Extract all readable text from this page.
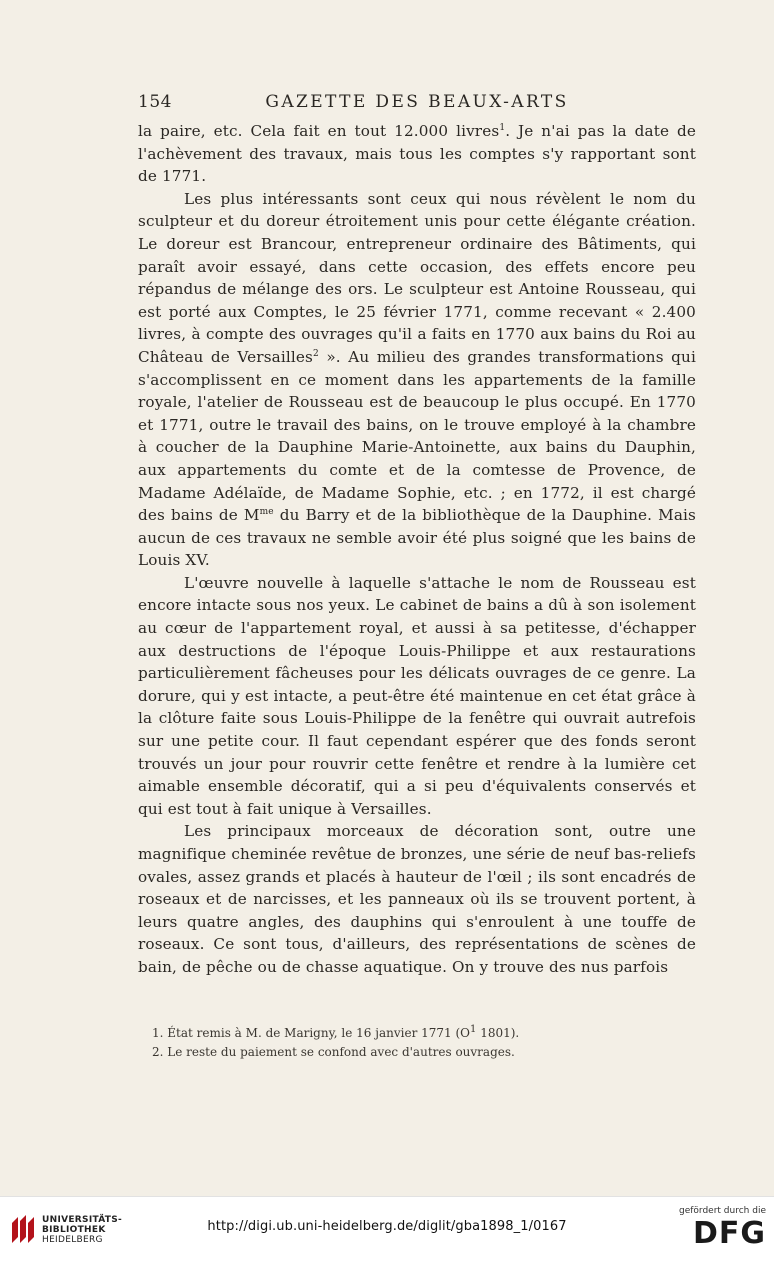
154	GAZETTE DES BEAUX-ARTS

la paire, etc. Cela fait en tout 12.000 livres$^1$. Je n'ai pas la date de l'achèvement des travaux, mais tous les comptes s'y rapportant sont de 1771.

Les plus intéressants sont ceux qui nous révèlent le nom du sculpteur et du doreur étroitement unis pour cette élégante création. Le doreur est Brancour, entrepreneur ordinaire des Bâtiments, qui paraît avoir essayé, dans cette occasion, des effets encore peu répandus de mélange des ors. Le sculpteur est Antoine Rousseau, qui est porté aux Comptes, le 25 février 1771, comme recevant « 2.400 livres, à compte des ouvrages qu'il a faits en 1770 aux bains du Roi au Château de Versailles$^2$ ». Au milieu des grandes transformations qui s'accomplissent en ce moment dans les appartements de la famille royale, l'atelier de Rousseau est de beaucoup le plus occupé. En 1770 et 1771, outre le travail des bains, on le trouve employé à la chambre à coucher de la Dauphine Marie-Antoinette, aux bains du Dauphin, aux appartements du comte et de la comtesse de Provence, de Madame Adélaïde, de Madame Sophie, etc. ; en 1772, il est chargé des bains de $M^{me}$ du Barry et de la bibliothèque de la Dauphine. Mais aucun de ces travaux ne semble avoir été plus soigné que les bains de Louis XV.

L'œuvre nouvelle à laquelle s'attache le nom de Rousseau est encore intacte sous nos yeux. Le cabinet de bains a dû à son isolement au cœur de l'appartement royal, et aussi à sa petitesse, d'échapper aux destructions de l'époque Louis-Philippe et aux restaurations particulièrement fâcheuses pour les délicats ouvrages de ce genre. La dorure, qui y est intacte, a peut-être été maintenue en cet état grâce à la clôture faite sous Louis-Philippe de la fenêtre qui ouvrait autrefois sur une petite cour. Il faut cependant espérer que des fonds seront trouvés un jour pour rouvrir cette fenêtre et rendre à la lumière cet aimable ensemble décoratif, qui a si peu d'équivalents conservés et qui est tout à fait unique à Versailles.

Les principaux morceaux de décoration sont, outre une magnifique cheminée revêtue de bronzes, une série de neuf bas-reliefs ovales, assez grands et placés à hauteur de l'œil ; ils sont encadrés de roseaux et de narcisses, et les panneaux où ils se trouvent portent, à leurs quatre angles, des dauphins qui s'enroulent à une touffe de roseaux. Ce sont tous, d'ailleurs, des représentations de scènes de bain, de pêche ou de chasse aquatique. On y trouve des nus parfois

1. État remis à M. de Marigny, le 16 janvier 1771 ($O^1$ 1801).
2. Le reste du paiement se confond avec d'autres ouvrages.
UNIVERSITÄTS-
BIBLIOTHEK
HEIDELBERG
http://digi.ub.uni-heidelberg.de/diglit/gba1898_1/0167
gefördert durch die
DFG
